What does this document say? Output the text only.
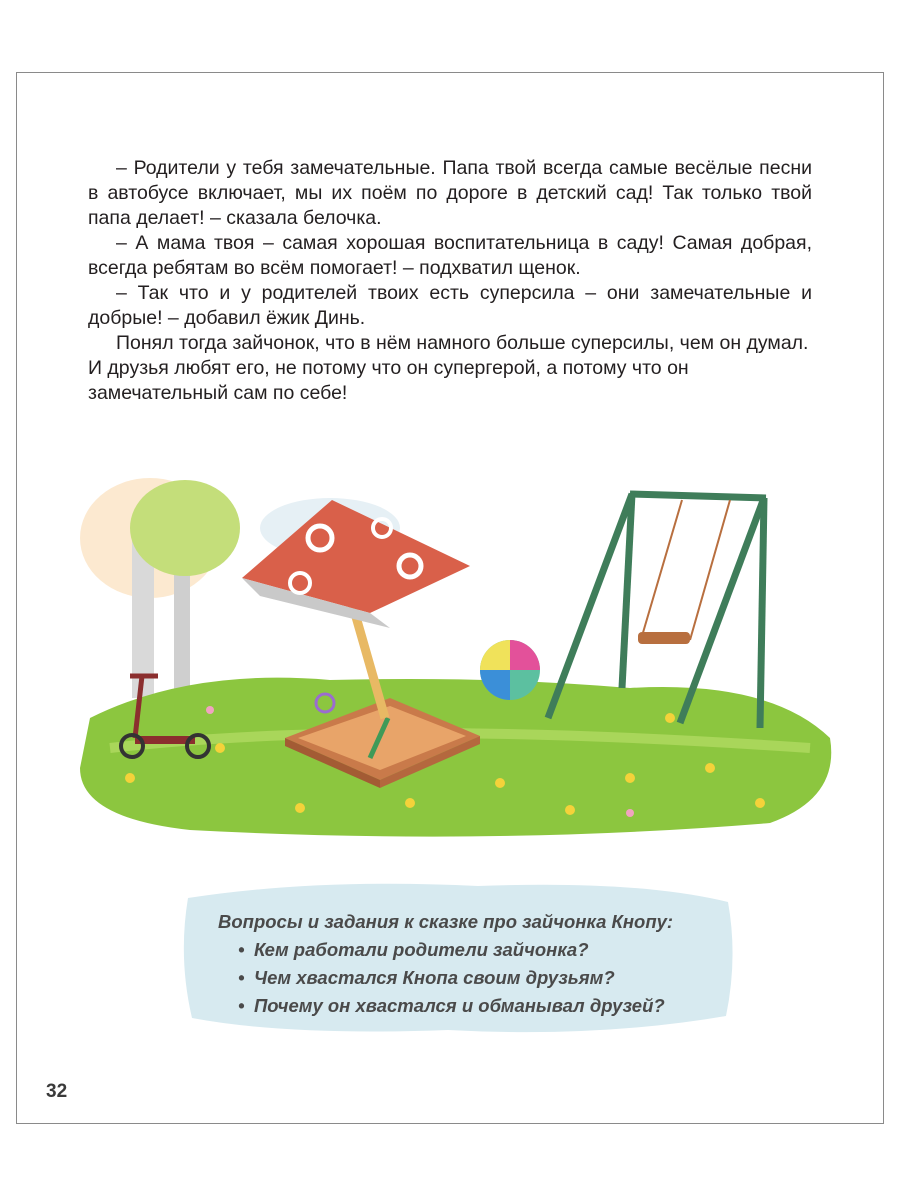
– Родители у тебя замечательные. Папа твой всегда самые весёлые песни в автобусе включает, мы их поём по дороге в детский сад! Так только твой папа делает! – сказала белочка.

– А мама твоя – самая хорошая воспитательница в саду! Самая добрая, всегда ребятам во всём помогает! – подхватил щенок.

– Так что и у родителей твоих есть суперсила – они замечательные и добрые! – добавил ёжик Динь.

Понял тогда зайчонок, что в нём намного больше суперсилы, чем он думал. И друзья любят его, не потому что он супергерой, а потому что он замечательный сам по себе!

Вопросы и задания к сказке про зайчонка Кнопу:

• Кем работали родители зайчонка?
• Чем хвастался Кнопа своим друзьям?
• Почему он хвастался и обманывал друзей?
32
